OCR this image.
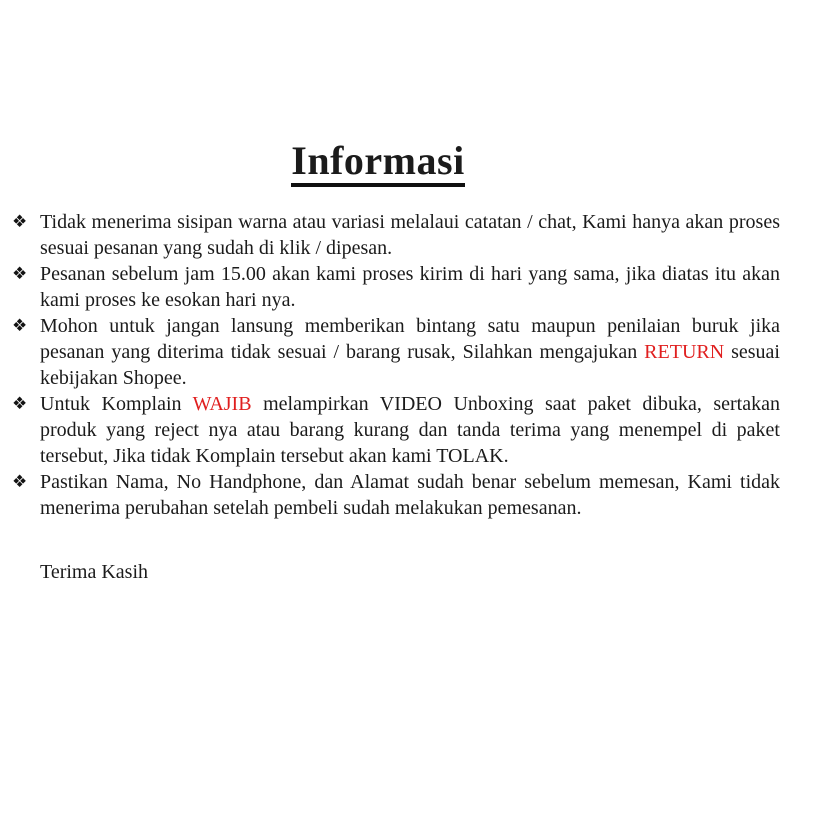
Informasi
❖ Tidak menerima sisipan warna atau variasi melalaui catatan / chat, Kami hanya akan proses sesuai pesanan yang sudah di klik / dipesan.
❖ Pesanan sebelum jam 15.00 akan kami proses kirim di hari yang sama, jika diatas itu akan kami proses ke esokan hari nya.
❖ Mohon untuk jangan lansung memberikan bintang satu maupun penilaian buruk jika pesanan yang diterima tidak sesuai / barang rusak, Silahkan mengajukan RETURN sesuai kebijakan Shopee.
❖ Untuk Komplain WAJIB melampirkan VIDEO Unboxing saat paket dibuka, sertakan produk yang reject nya atau barang kurang dan tanda terima yang menempel di paket tersebut, Jika tidak Komplain tersebut akan kami TOLAK.
❖ Pastikan Nama, No Handphone, dan Alamat sudah benar sebelum memesan, Kami tidak menerima perubahan setelah pembeli sudah melakukan pemesanan.

Terima Kasih
